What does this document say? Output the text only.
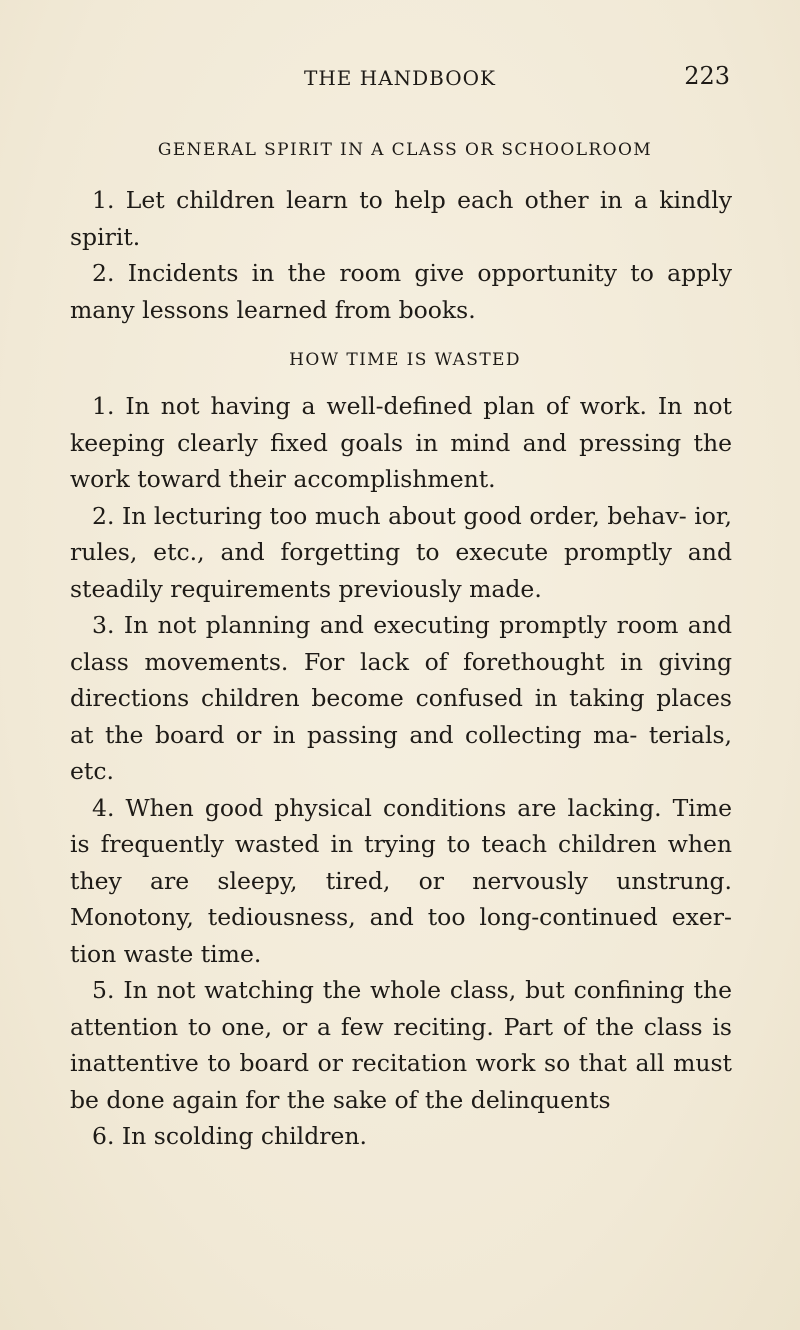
THE HANDBOOK	223
GENERAL SPIRIT IN A CLASS OR SCHOOLROOM

1. Let children learn to help each other in a kindly spirit.

2. Incidents in the room give opportunity to apply many lessons learned from books.

HOW TIME IS WASTED

1. In not having a well-defined plan of work. In not keeping clearly fixed goals in mind and pressing the work toward their accomplishment.

2. In lecturing too much about good order, behav- ior, rules, etc., and forgetting to execute promptly and steadily requirements previously made.

3. In not planning and executing promptly room and class movements. For lack of forethought in giving directions children become confused in taking places at the board or in passing and collecting ma- terials, etc.

4. When good physical conditions are lacking. Time is frequently wasted in trying to teach children when they are sleepy, tired, or nervously unstrung. Monotony, tediousness, and too long-continued exer- tion waste time.

5. In not watching the whole class, but confining the attention to one, or a few reciting. Part of the class is inattentive to board or recitation work so that all must be done again for the sake of the delinquents

6. In scolding children.
